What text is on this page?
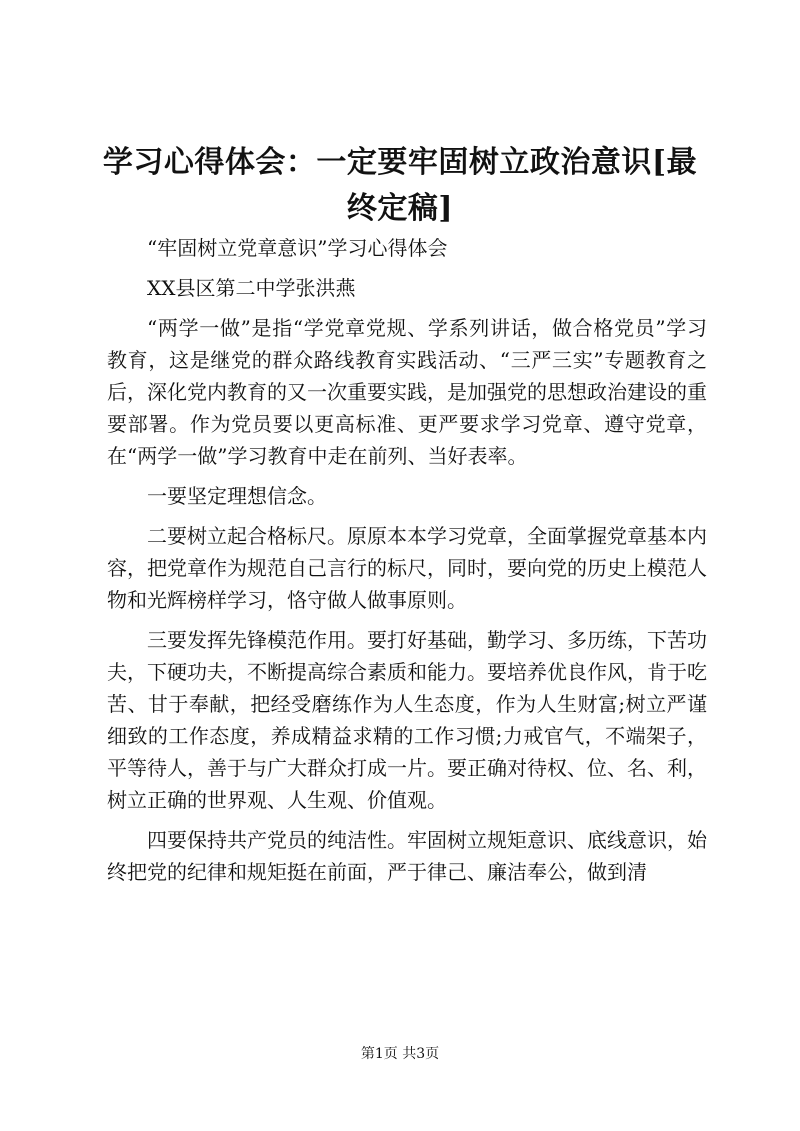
学习心得体会：一定要牢固树立政治意识[最终定稿]

“牢固树立党章意识”学习心得体会

XX县区第二中学张洪燕

“两学一做”是指“学党章党规、学系列讲话，做合格党员”学习教育，这是继党的群众路线教育实践活动、“三严三实”专题教育之后，深化党内教育的又一次重要实践，是加强党的思想政治建设的重要部署。作为党员要以更高标准、更严要求学习党章、遵守党章，在“两学一做”学习教育中走在前列、当好表率。

一要坚定理想信念。

二要树立起合格标尺。原原本本学习党章，全面掌握党章基本内容，把党章作为规范自己言行的标尺，同时，要向党的历史上模范人物和光辉榜样学习，恪守做人做事原则。

三要发挥先锋模范作用。要打好基础，勤学习、多历练，下苦功夫，下硬功夫，不断提高综合素质和能力。要培养优良作风，肯于吃苦、甘于奉献，把经受磨练作为人生态度，作为人生财富;树立严谨细致的工作态度，养成精益求精的工作习惯;力戒官气，不端架子，平等待人，善于与广大群众打成一片。要正确对待权、位、名、利，树立正确的世界观、人生观、价值观。

四要保持共产党员的纯洁性。牢固树立规矩意识、底线意识，始终把党的纪律和规矩挺在前面，严于律己、廉洁奉公，做到清

第1页 共3页
